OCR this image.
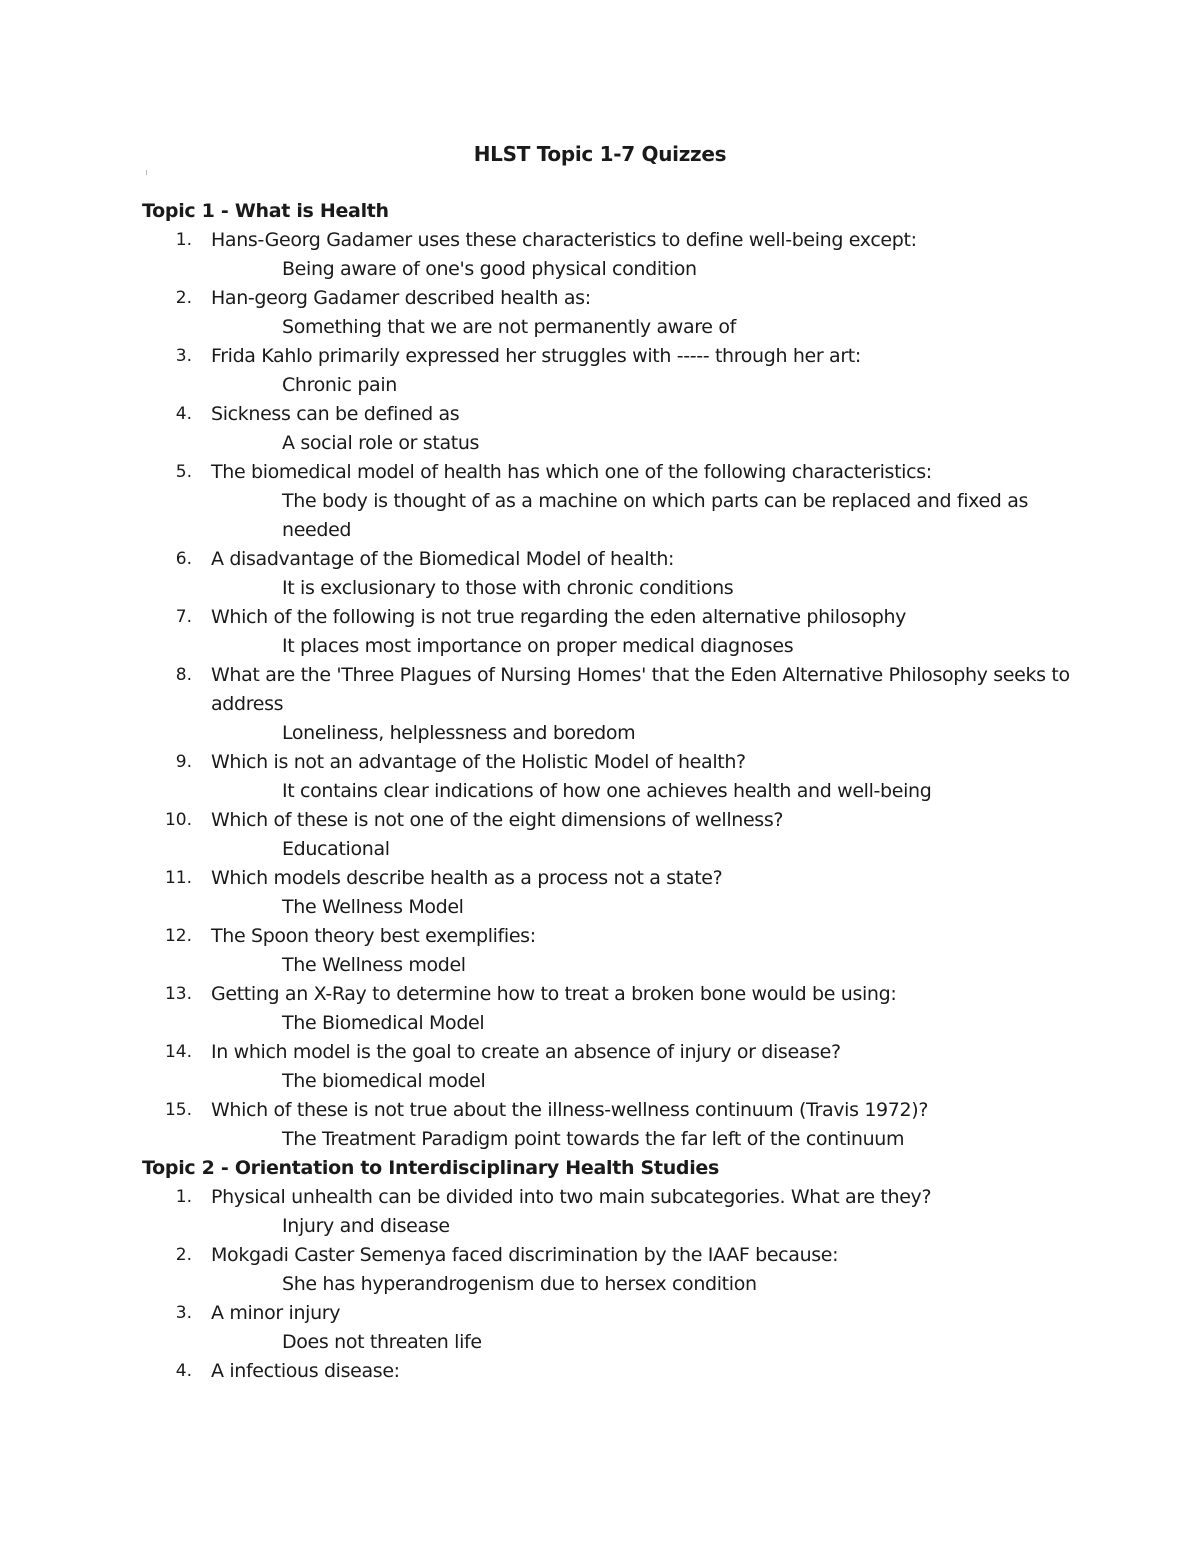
HLST Topic 1-7 Quizzes
Topic 1 - What is Health
1. Hans-Georg Gadamer uses these characteristics to define well-being except:
Being aware of one's good physical condition
2. Han-georg Gadamer described health as:
Something that we are not permanently aware of
3. Frida Kahlo primarily expressed her struggles with ----- through her art:
Chronic pain
4. Sickness can be defined as
A social role or status
5. The biomedical model of health has which one of the following characteristics:
The body is thought of as a machine on which parts can be replaced and fixed as needed
6. A disadvantage of the Biomedical Model of health:
It is exclusionary to those with chronic conditions
7. Which of the following is not true regarding the eden alternative philosophy
It places most importance on proper medical diagnoses
8. What are the 'Three Plagues of Nursing Homes' that the Eden Alternative Philosophy seeks to address
Loneliness, helplessness and boredom
9. Which is not an advantage of the Holistic Model of health?
It contains clear indications of how one achieves health and well-being
10. Which of these is not one of the eight dimensions of wellness?
Educational
11. Which models describe health as a process not a state?
The Wellness Model
12. The Spoon theory best exemplifies:
The Wellness model
13. Getting an X-Ray to determine how to treat a broken bone would be using:
The Biomedical Model
14. In which model is the goal to create an absence of injury or disease?
The biomedical model
15. Which of these is not true about the illness-wellness continuum (Travis 1972)?
The Treatment Paradigm point towards the far left of the continuum
Topic 2 - Orientation to Interdisciplinary Health Studies
1. Physical unhealth can be divided into two main subcategories. What are they?
Injury and disease
2. Mokgadi Caster Semenya faced discrimination by the IAAF because:
She has hyperandrogenism due to hersex condition
3. A minor injury
Does not threaten life
4. A infectious disease:
